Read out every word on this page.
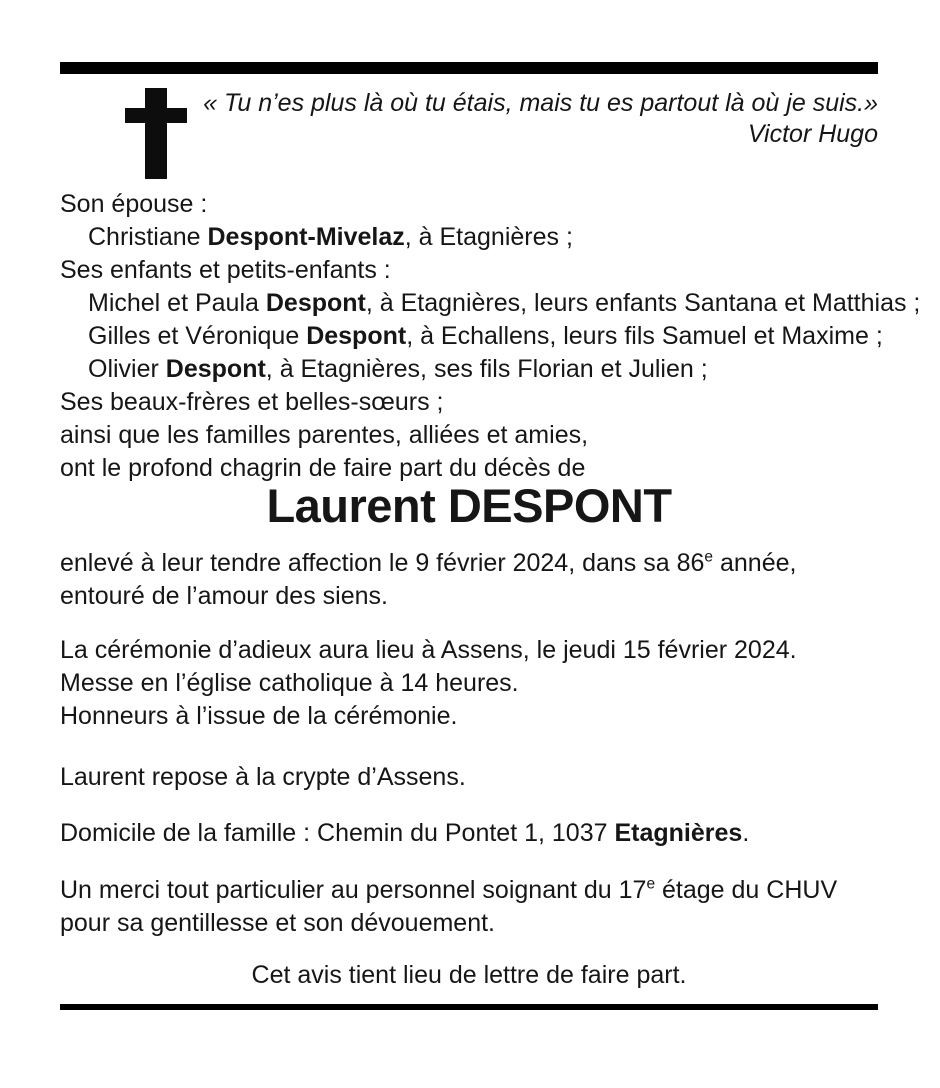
« Tu n’es plus là où tu étais, mais tu es partout là où je suis.»
Victor Hugo
Son épouse :
Christiane Despont-Mivelaz, à Etagnières ;
Ses enfants et petits-enfants :
Michel et Paula Despont, à Etagnières, leurs enfants Santana et Matthias ;
Gilles et Véronique Despont, à Echallens, leurs fils Samuel et Maxime ;
Olivier Despont, à Etagnières, ses fils Florian et Julien ;
Ses beaux-frères et belles-sœurs ;
ainsi que les familles parentes, alliées et amies,
ont le profond chagrin de faire part du décès de
Laurent DESPONT
enlevé à leur tendre affection le 9 février 2024, dans sa 86e année,
entouré de l’amour des siens.
La cérémonie d’adieux aura lieu à Assens, le jeudi 15 février 2024.
Messe en l’église catholique à 14 heures.
Honneurs à l’issue de la cérémonie.
Laurent repose à la crypte d’Assens.
Domicile de la famille : Chemin du Pontet 1, 1037 Etagnières.
Un merci tout particulier au personnel soignant du 17e étage du CHUV
pour sa gentillesse et son dévouement.
Cet avis tient lieu de lettre de faire part.
